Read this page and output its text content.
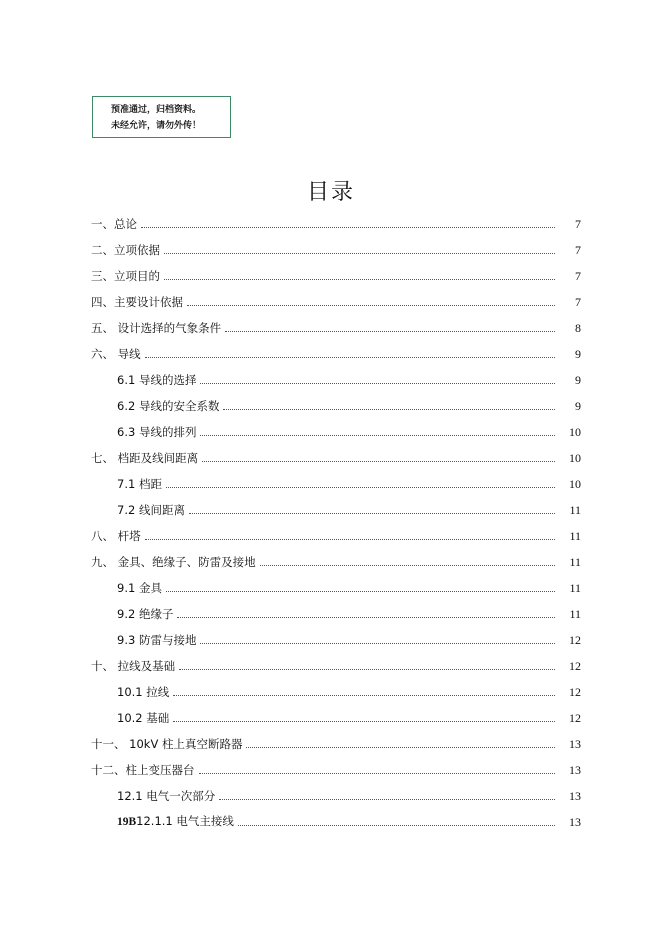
预准通过，归档资料。
未经允许，请勿外传！
目录
一、总论	7
二、立项依据	7
三、立项目的	7
四、主要设计依据	7
五、 设计选择的气象条件	8
六、 导线	9
6.1 导线的选择	9
6.2 导线的安全系数	9
6.3 导线的排列	10
七、 档距及线间距离	10
7.1 档距	10
7.2 线间距离	11
八、 杆塔	11
九、 金具、绝缘子、防雷及接地	11
9.1 金具	11
9.2 绝缘子	11
9.3 防雷与接地	12
十、 拉线及基础	12
10.1 拉线	12
10.2 基础	12
十一、 10kV 柱上真空断路器	13
十二、柱上变压器台	13
12.1 电气一次部分	13
19B12.1.1 电气主接线	13
